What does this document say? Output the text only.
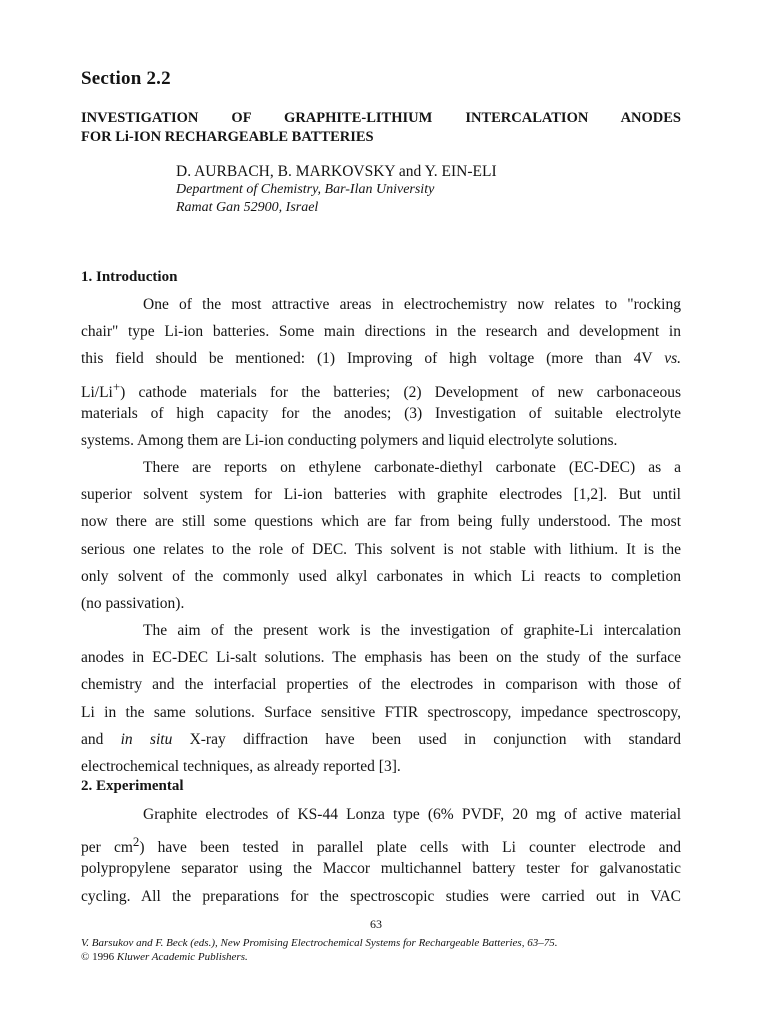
Section 2.2
INVESTIGATION OF GRAPHITE-LITHIUM INTERCALATION ANODES
FOR Li-ION RECHARGEABLE BATTERIES
D. AURBACH, B. MARKOVSKY and Y. EIN-ELI
Department of Chemistry, Bar-Ilan University
Ramat Gan 52900, Israel
1. Introduction
One of the most attractive areas in electrochemistry now relates to "rocking
chair" type Li-ion batteries. Some main directions in the research and development in
this field should be mentioned: (1) Improving of high voltage (more than 4V vs.
Li/Li+) cathode materials for the batteries; (2) Development of new carbonaceous
materials of high capacity for the anodes; (3) Investigation of suitable electrolyte
systems. Among them are Li-ion conducting polymers and liquid electrolyte solutions.
There are reports on ethylene carbonate-diethyl carbonate (EC-DEC) as a
superior solvent system for Li-ion batteries with graphite electrodes [1,2]. But until
now there are still some questions which are far from being fully understood. The most
serious one relates to the role of DEC. This solvent is not stable with lithium. It is the
only solvent of the commonly used alkyl carbonates in which Li reacts to completion
(no passivation).
The aim of the present work is the investigation of graphite-Li intercalation
anodes in EC-DEC Li-salt solutions. The emphasis has been on the study of the surface
chemistry and the interfacial properties of the electrodes in comparison with those of
Li in the same solutions. Surface sensitive FTIR spectroscopy, impedance spectroscopy,
and in situ X-ray diffraction have been used in conjunction with standard
electrochemical techniques, as already reported [3].
2. Experimental
Graphite electrodes of KS-44 Lonza type (6% PVDF, 20 mg of active material
per $cm^2$) have been tested in parallel plate cells with Li counter electrode and
polypropylene separator using the Maccor multichannel battery tester for galvanostatic
cycling. All the preparations for the spectroscopic studies were carried out in VAC
63
V. Barsukov and F. Beck (eds.), New Promising Electrochemical Systems for Rechargeable Batteries, 63–75.
© 1996 Kluwer Academic Publishers.
